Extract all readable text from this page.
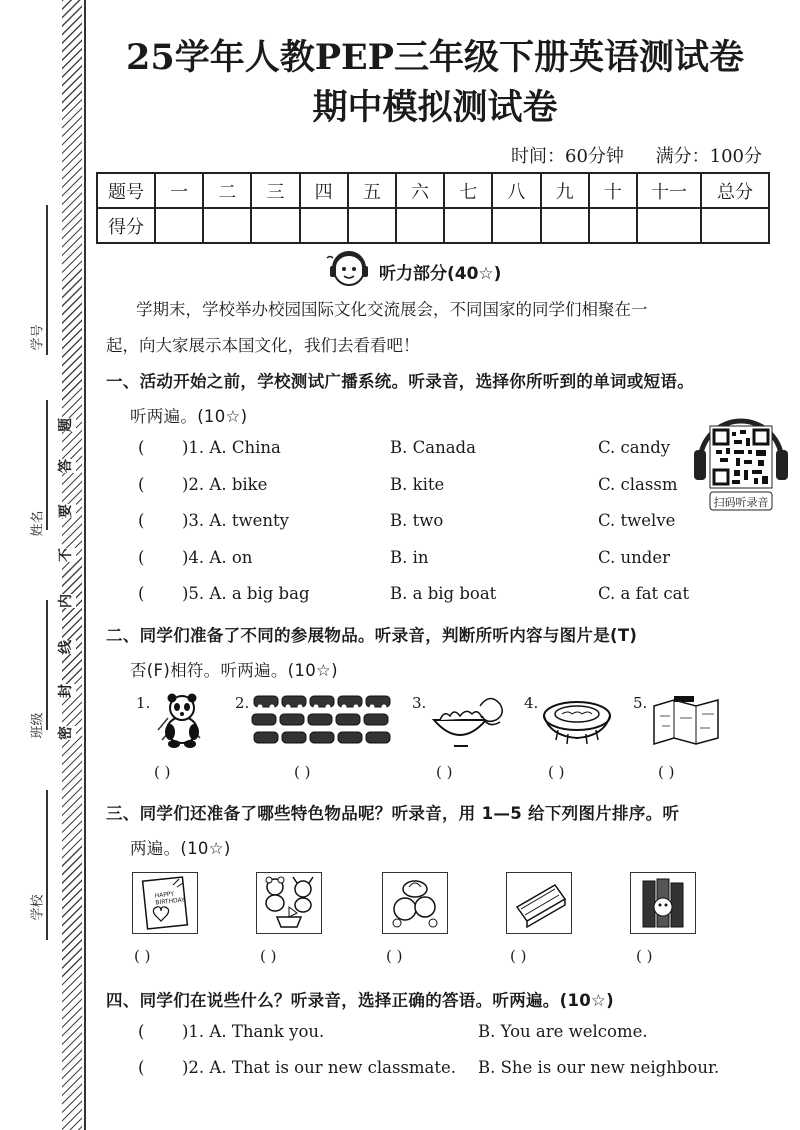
学号
姓名
班级
学校
题
答
要
不
内
线
封
密
25学年人教PEP三年级下册英语测试卷
期中模拟测试卷
时间：60分钟 满分：100分
题号	一	二	三	四	五	六	七	八	九	十	十一	总分
得分												
听力部分(40☆)
学期末，学校举办校园国际文化交流展会，不同国家的同学们相聚在一
起，向大家展示本国文化，我们去看看吧！
一、活动开始之前，学校测试广播系统。听录音，选择你所听到的单词或短语。
听两遍。(10☆)
( )1. A. China	B. Canada	C. candy
( )2. A. bike	B. kite	C. classm
( )3. A. twenty	B. two	C. twelve
( )4. A. on	B. in	C. under
( )5. A. a big bag	B. a big boat	C. a fat cat
扫码听录音
二、同学们准备了不同的参展物品。听录音，判断所听内容与图片是(T)
否(F)相符。听两遍。(10☆)
1.	2.	3.	4.	5.
( )	( )	( )	( )	( )
三、同学们还准备了哪些特色物品呢？听录音，用 1—5 给下列图片排序。听
两遍。(10☆)
HAPPY BIRTHDAY
( )	( )	( )	( )	( )
四、同学们在说些什么？听录音，选择正确的答语。听两遍。(10☆)
( )1. A. Thank you.	B. You are welcome.
( )2. A. That is our new classmate. B. She is our new neighbour.
